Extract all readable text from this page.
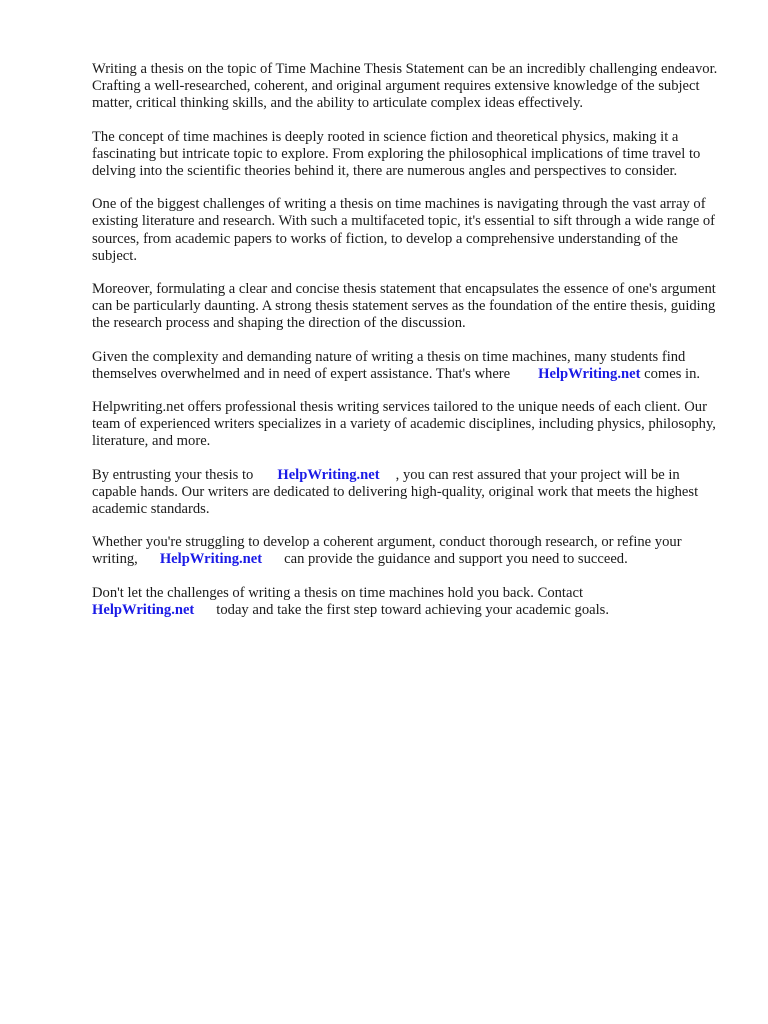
Writing a thesis on the topic of Time Machine Thesis Statement can be an incredibly challenging endeavor. Crafting a well-researched, coherent, and original argument requires extensive knowledge of the subject matter, critical thinking skills, and the ability to articulate complex ideas effectively.

The concept of time machines is deeply rooted in science fiction and theoretical physics, making it a fascinating but intricate topic to explore. From exploring the philosophical implications of time travel to delving into the scientific theories behind it, there are numerous angles and perspectives to consider.

One of the biggest challenges of writing a thesis on time machines is navigating through the vast array of existing literature and research. With such a multifaceted topic, it's essential to sift through a wide range of sources, from academic papers to works of fiction, to develop a comprehensive understanding of the subject.

Moreover, formulating a clear and concise thesis statement that encapsulates the essence of one's argument can be particularly daunting. A strong thesis statement serves as the foundation of the entire thesis, guiding the research process and shaping the direction of the discussion.

Given the complexity and demanding nature of writing a thesis on time machines, many students find themselves overwhelmed and in need of expert assistance. That's where HelpWriting.net comes in.

Helpwriting.net offers professional thesis writing services tailored to the unique needs of each client. Our team of experienced writers specializes in a variety of academic disciplines, including physics, philosophy, literature, and more.

By entrusting your thesis to HelpWriting.net , you can rest assured that your project will be in capable hands. Our writers are dedicated to delivering high-quality, original work that meets the highest academic standards.

Whether you're struggling to develop a coherent argument, conduct thorough research, or refine your writing, HelpWriting.net can provide the guidance and support you need to succeed.

Don't let the challenges of writing a thesis on time machines hold you back. Contact
HelpWriting.net today and take the first step toward achieving your academic goals.
